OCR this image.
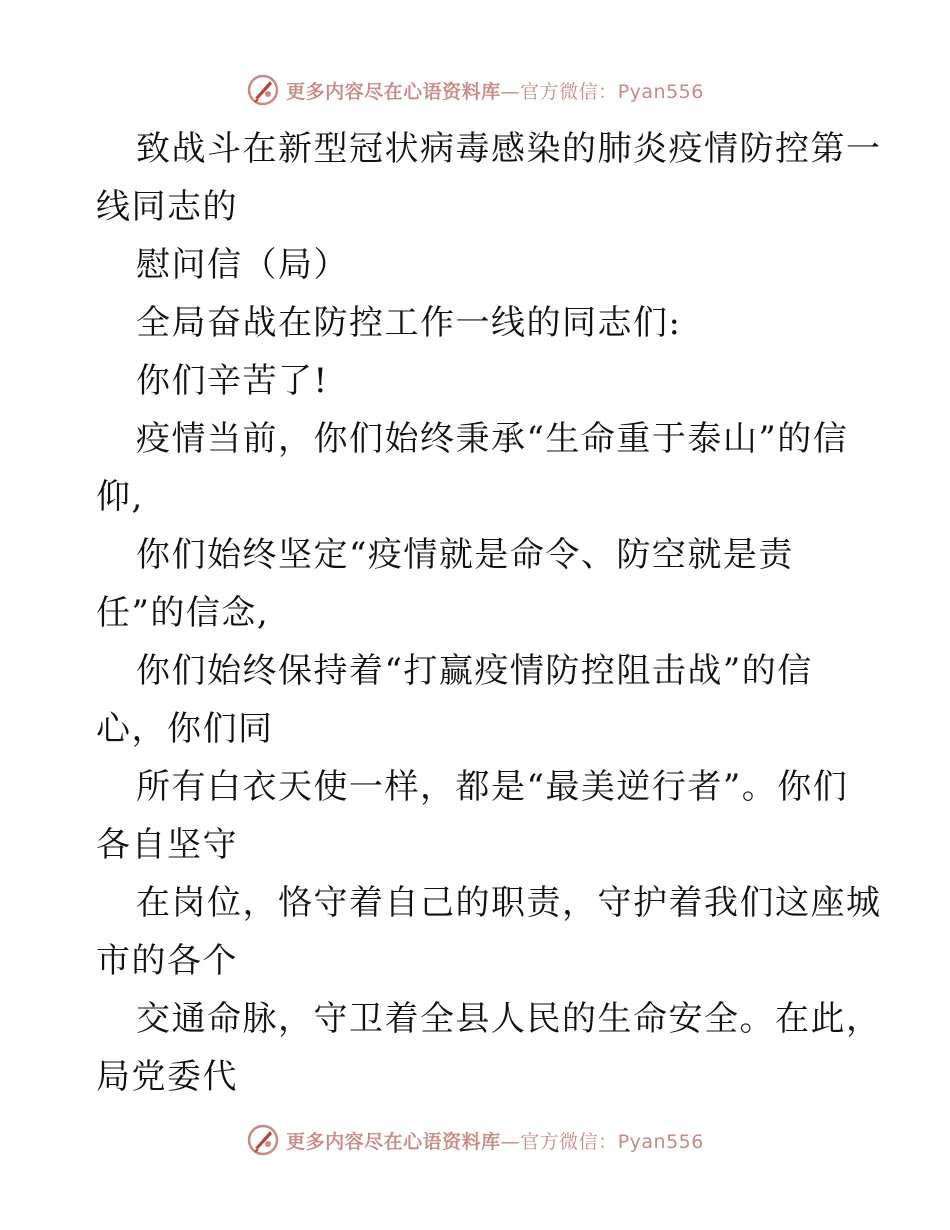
更多内容尽在心语资料库—官方微信：Pyan556
致战斗在新型冠状病毒感染的肺炎疫情防控第一
线同志的
慰问信（局）
全局奋战在防控工作一线的同志们:
你们辛苦了!
疫情当前，你们始终秉承“生命重于泰山”的信
仰,
你们始终坚定“疫情就是命令、防空就是责
任”的信念,
你们始终保持着“打赢疫情防控阻击战”的信
心，你们同
所有白衣天使一样，都是“最美逆行者”。你们
各自坚守
在岗位，恪守着自己的职责，守护着我们这座城
市的各个
交通命脉，守卫着全县人民的生命安全。在此，
局党委代
更多内容尽在心语资料库—官方微信：Pyan556
